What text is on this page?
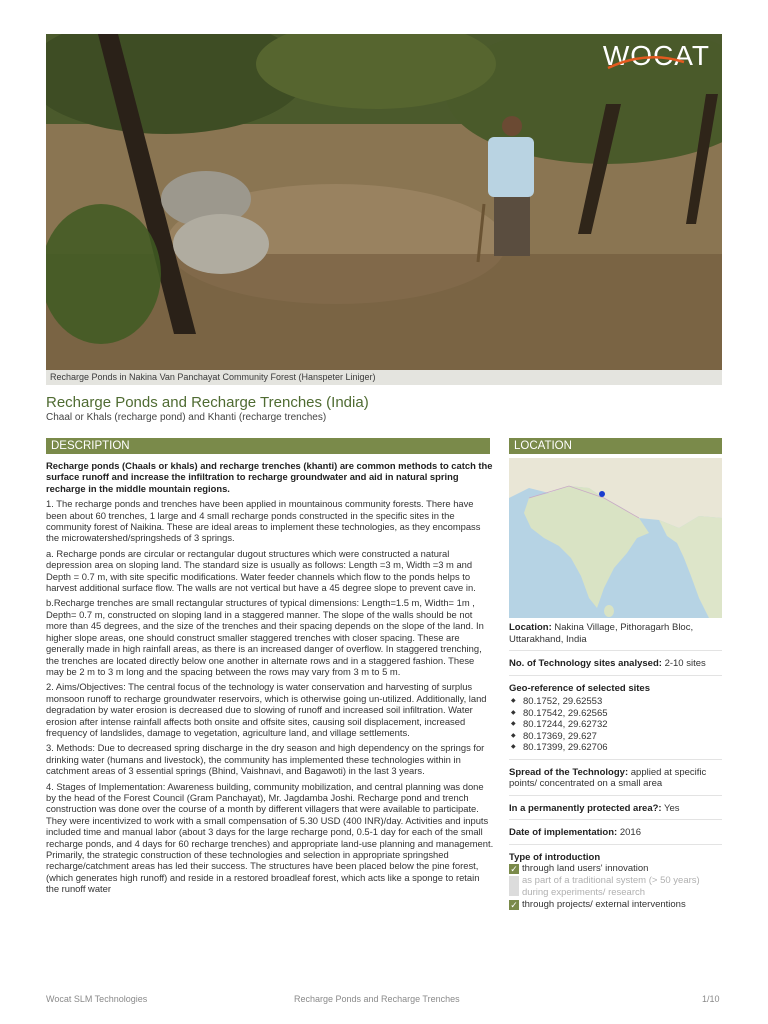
WOCAT
Recharge Ponds in Nakina Van Panchayat Community Forest (Hanspeter Liniger)
Recharge Ponds and Recharge Trenches (India)
Chaal or Khals (recharge pond) and Khanti (recharge trenches)
DESCRIPTION	LOCATION

Recharge ponds (Chaals or khals) and recharge trenches (khanti) are common methods to catch the surface runoff and increase the infiltration to recharge groundwater and aid in natural spring recharge in the middle mountain regions.

1. The recharge ponds and trenches have been applied in mountainous community forests. There have been about 60 trenches, 1 large and 4 small recharge ponds constructed in the specific sites in the community forest of Naikina. These are ideal areas to implement these technologies, as they encompass the microwatershed/springsheds of 3 springs.

a. Recharge ponds are circular or rectangular dugout structures which were constructed a natural depression area on sloping land. The standard size is usually as follows: Length =3 m, Width =3 m and Depth = 0.7 m, with site specific modifications. Water feeder channels which flow to the ponds helps to harvest additional surface flow. The walls are not vertical but have a 45 degree slope to prevent cave in.

b.Recharge trenches are small rectangular structures of typical dimensions: Length=1.5 m, Width= 1m , Depth= 0.7 m, constructed on sloping land in a staggered manner. The slope of the walls should be not more than 45 degrees, and the size of the trenches and their spacing depends on the slope of the land. In higher slope areas, one should construct smaller staggered trenches with closer spacing. These are generally made in high rainfall areas, as there is an increased danger of overflow. In staggered trenching, the trenches are located directly below one another in alternate rows and in a staggered fashion. These may be 2 m to 3 m long and the spacing between the rows may vary from 3 m to 5 m.

2. Aims/Objectives: The central focus of the technology is water conservation and harvesting of surplus monsoon runoff to recharge groundwater reservoirs, which is otherwise going un-utilized. Additionally, land degradation by water erosion is decreased due to slowing of runoff and increased soil infiltration. Water erosion after intense rainfall affects both onsite and offsite sites, causing soil displacement, increased frequency of landslides, damage to vegetation, agriculture land, and village settlements.

3. Methods: Due to decreased spring discharge in the dry season and high dependency on the springs for drinking water (humans and livestock), the community has implemented these technologies within in catchment areas of 3 essential springs (Bhind, Vaishnavi, and Bagawoti) in the last 3 years.

4. Stages of Implementation: Awareness building, community mobilization, and central planning was done by the head of the Forest Council (Gram Panchayat), Mr. Jagdamba Joshi. Recharge pond and trench construction was done over the course of a month by different villagers that were available to participate. They were incentivized to work with a small compensation of 5.30 USD (400 INR)/day. Activities and inputs included time and manual labor (about 3 days for the large recharge pond, 0.5-1 day for each of the small recharge ponds, and 4 days for 60 recharge trenches) and appropriate land-use planning and management. Primarily, the strategic construction of these technologies and selection in appropriate springshed recharge/catchment areas has led their success. The structures have been placed below the pine forest, (which generates high runoff) and reside in a restored broadleaf forest, which acts like a sponge to retain the runoff water

Location: Nakina Village, Pithoragarh Bloc, Uttarakhand, India
No. of Technology sites analysed: 2-10 sites
Geo-reference of selected sites
◆ 80.1752, 29.62553
◆ 80.17542, 29.62565
◆ 80.17244, 29.62732
◆ 80.17369, 29.627
◆ 80.17399, 29.62706
Spread of the Technology: applied at specific points/ concentrated on a small area
In a permanently protected area?: Yes
Date of implementation: 2016
Type of introduction
✓ through land users' innovation
as part of a traditional system (> 50 years)
during experiments/ research
✓ through projects/ external interventions
Wocat SLM Technologies	Recharge Ponds and Recharge Trenches	1/10
